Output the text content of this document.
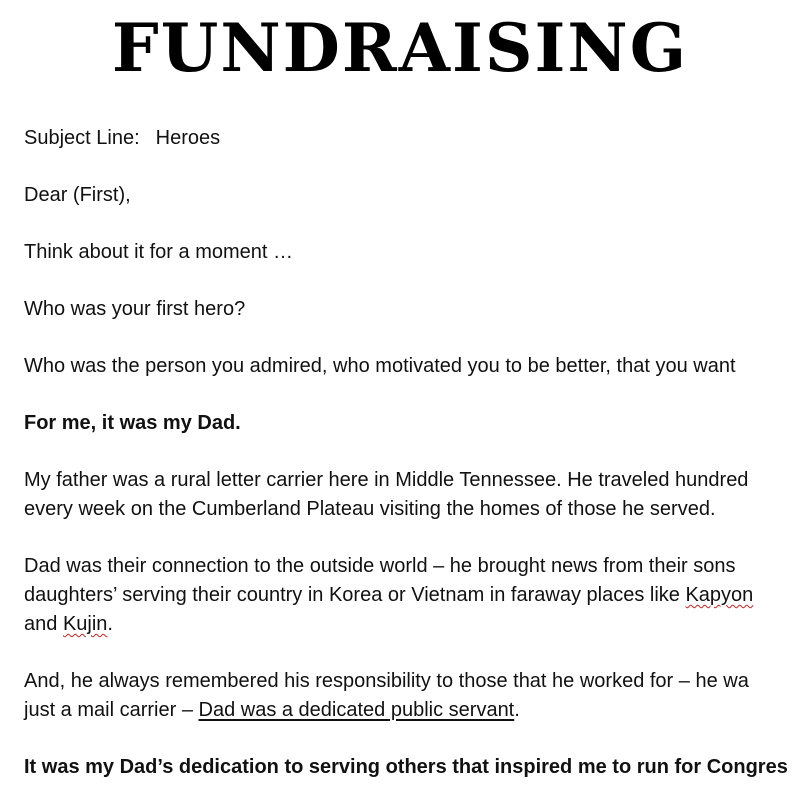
FUNDRAISING
Subject Line: Heroes
Dear (First),
Think about it for a moment …
Who was your first hero?
Who was the person you admired, who motivated you to be better, that you want
For me, it was my Dad.
My father was a rural letter carrier here in Middle Tennessee. He traveled hundred
every week on the Cumberland Plateau visiting the homes of those he served.
Dad was their connection to the outside world – he brought news from their sons
daughters’ serving their country in Korea or Vietnam in faraway places like Kapyon
and Kujin.
And, he always remembered his responsibility to those that he worked for – he wa
just a mail carrier – Dad was a dedicated public servant.
It was my Dad’s dedication to serving others that inspired me to run for Congres
